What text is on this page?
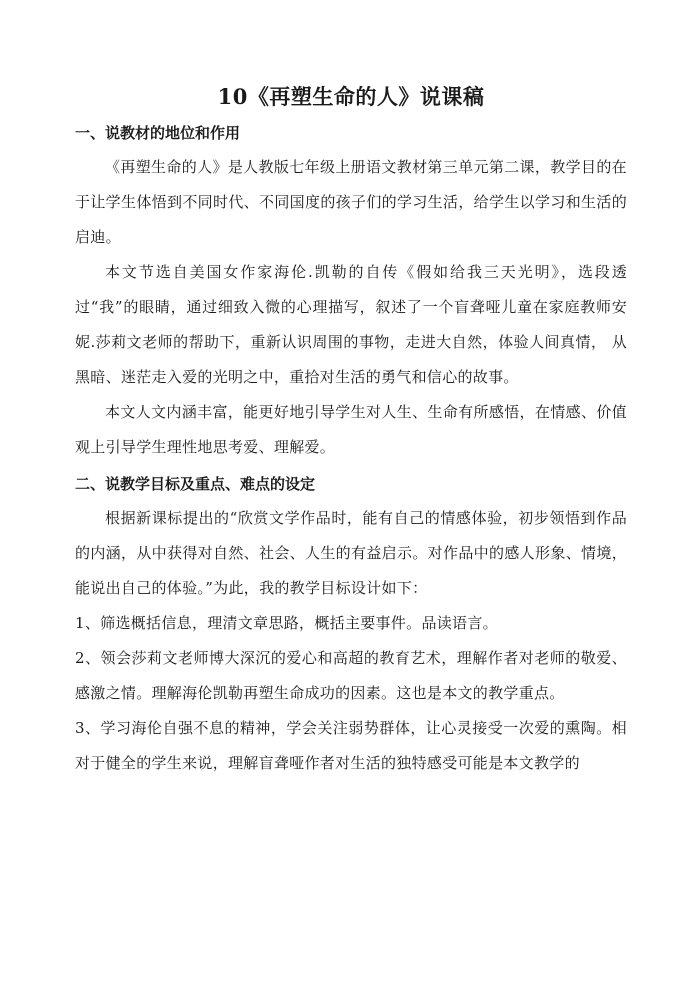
10《再塑生命的人》说课稿
一、说教材的地位和作用

《再塑生命的人》是人教版七年级上册语文教材第三单元第二课，教学目的在于让学生体悟到不同时代、不同国度的孩子们的学习生活，给学生以学习和生活的启迪。

本文节选自美国女作家海伦.凯勒的自传《假如给我三天光明》，选段透过“我”的眼睛，通过细致入微的心理描写，叙述了一个盲聋哑儿童在家庭教师安妮.莎莉文老师的帮助下，重新认识周围的事物，走进大自然，体验人间真情， 从黑暗、迷茫走入爱的光明之中，重拾对生活的勇气和信心的故事。

本文人文内涵丰富，能更好地引导学生对人生、生命有所感悟，在情感、价值观上引导学生理性地思考爱、理解爱。

二、说教学目标及重点、难点的设定

根据新课标提出的“欣赏文学作品时，能有自己的情感体验，初步领悟到作品的内涵，从中获得对自然、社会、人生的有益启示。对作品中的感人形象、情境，能说出自己的体验。”为此，我的教学目标设计如下：

1、筛选概括信息，理清文章思路，概括主要事件。品读语言。

2、领会莎莉文老师博大深沉的爱心和高超的教育艺术，理解作者对老师的敬爱、感激之情。理解海伦凯勒再塑生命成功的因素。这也是本文的教学重点。

3、学习海伦自强不息的精神，学会关注弱势群体，让心灵接受一次爱的熏陶。相对于健全的学生来说，理解盲聋哑作者对生活的独特感受可能是本文教学的
